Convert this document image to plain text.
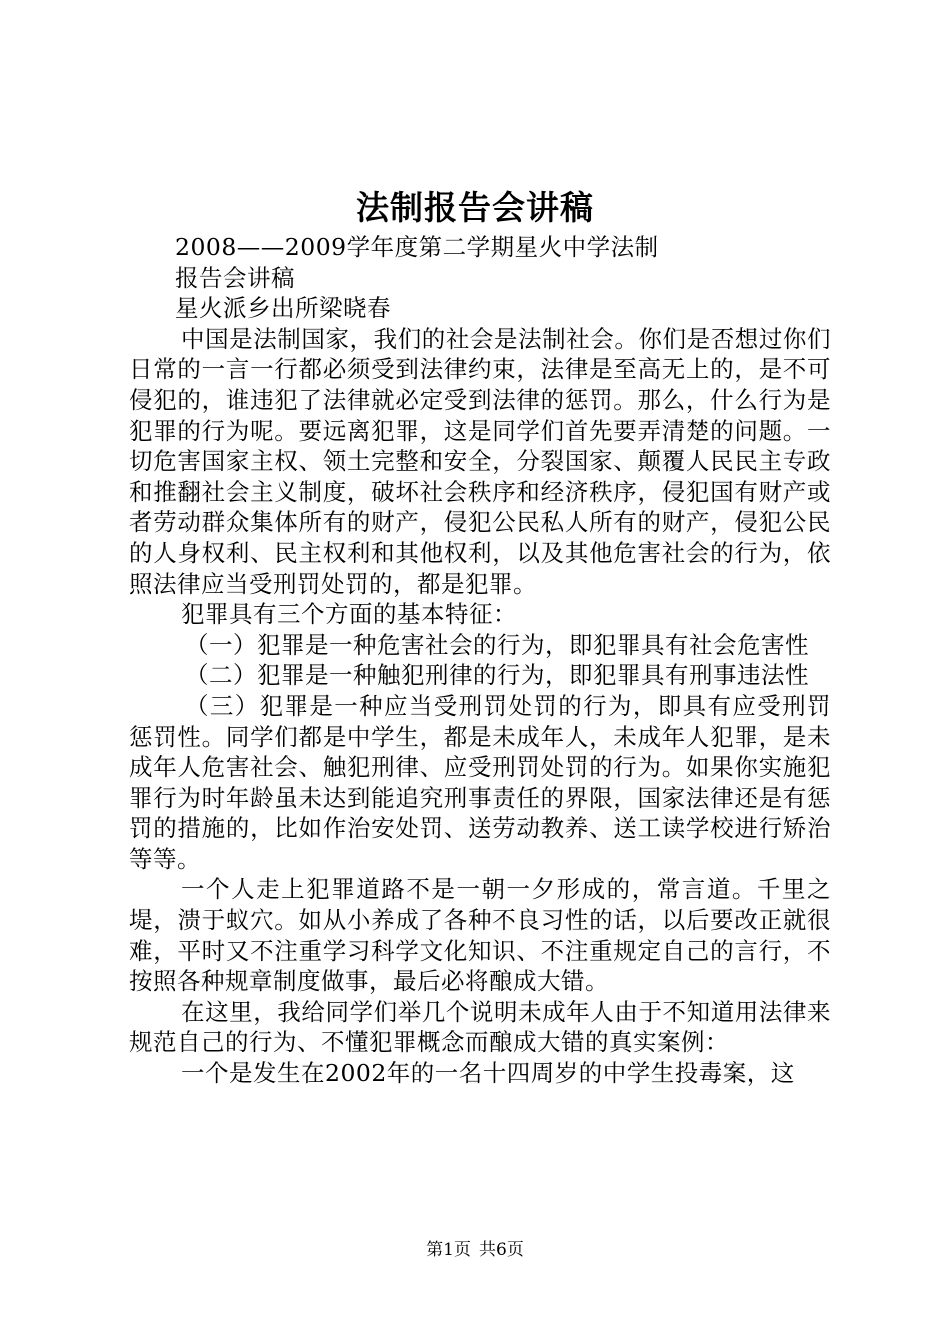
法制报告会讲稿

2008——2009学年度第二学期星火中学法制

报告会讲稿

星火派乡出所梁晓春

中国是法制国家，我们的社会是法制社会。你们是否想过你们日常的一言一行都必须受到法律约束，法律是至高无上的，是不可侵犯的，谁违犯了法律就必定受到法律的惩罚。那么，什么行为是犯罪的行为呢。要远离犯罪，这是同学们首先要弄清楚的问题。一切危害国家主权、领土完整和安全，分裂国家、颠覆人民民主专政和推翻社会主义制度，破坏社会秩序和经济秩序，侵犯国有财产或者劳动群众集体所有的财产，侵犯公民私人所有的财产，侵犯公民的人身权利、民主权利和其他权利，以及其他危害社会的行为，依照法律应当受刑罚处罚的，都是犯罪。

犯罪具有三个方面的基本特征：

（一）犯罪是一种危害社会的行为，即犯罪具有社会危害性

（二）犯罪是一种触犯刑律的行为，即犯罪具有刑事违法性

（三）犯罪是一种应当受刑罚处罚的行为，即具有应受刑罚惩罚性。同学们都是中学生，都是未成年人，未成年人犯罪，是未成年人危害社会、触犯刑律、应受刑罚处罚的行为。如果你实施犯罪行为时年龄虽未达到能追究刑事责任的界限，国家法律还是有惩罚的措施的，比如作治安处罚、送劳动教养、送工读学校进行矫治等等。

一个人走上犯罪道路不是一朝一夕形成的，常言道。千里之堤，溃于蚁穴。如从小养成了各种不良习性的话，以后要改正就很难，平时又不注重学习科学文化知识、不注重规定自己的言行，不按照各种规章制度做事，最后必将酿成大错。

在这里，我给同学们举几个说明未成年人由于不知道用法律来规范自己的行为、不懂犯罪概念而酿成大错的真实案例：

一个是发生在2002年的一名十四周岁的中学生投毒案，这

第1页 共6页
